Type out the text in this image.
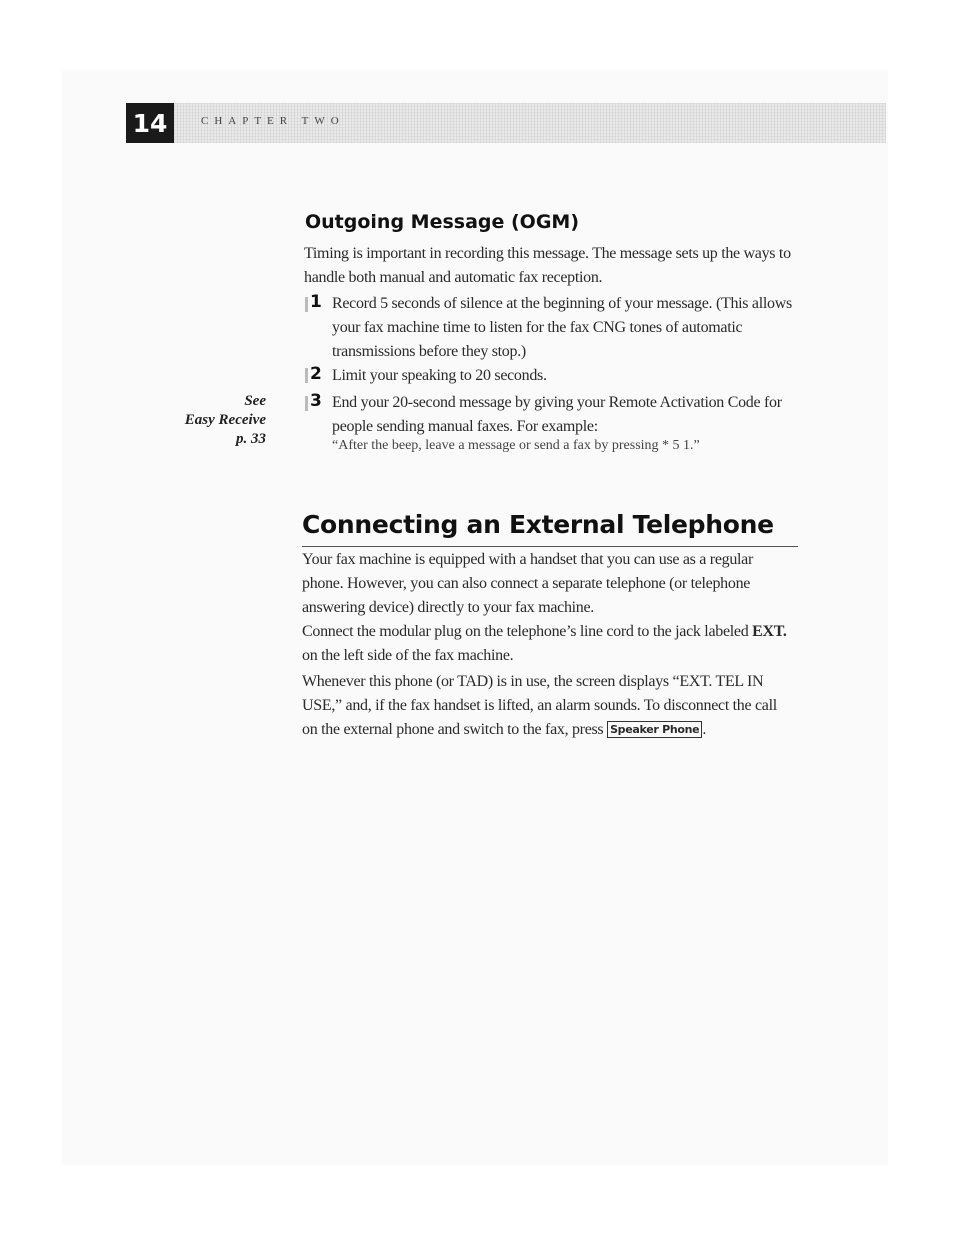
14	CHAPTER TWO
Outgoing Message (OGM)

Timing is important in recording this message. The message sets up the ways to handle both manual and automatic fax reception.

1 Record 5 seconds of silence at the beginning of your message. (This allows your fax machine time to listen for the fax CNG tones of automatic transmissions before they stop.)

2 Limit your speaking to 20 seconds.

3 End your 20-second message by giving your Remote Activation Code for people sending manual faxes. For example:

“After the beep, leave a message or send a fax by pressing * 5 1.”
See
Easy Receive
p. 33
Connecting an External Telephone

Your fax machine is equipped with a handset that you can use as a regular phone. However, you can also connect a separate telephone (or telephone answering device) directly to your fax machine.

Connect the modular plug on the telephone’s line cord to the jack labeled EXT. on the left side of the fax machine.

Whenever this phone (or TAD) is in use, the screen displays “EXT. TEL IN USE,” and, if the fax handset is lifted, an alarm sounds. To disconnect the call on the external phone and switch to the fax, press Speaker Phone .
